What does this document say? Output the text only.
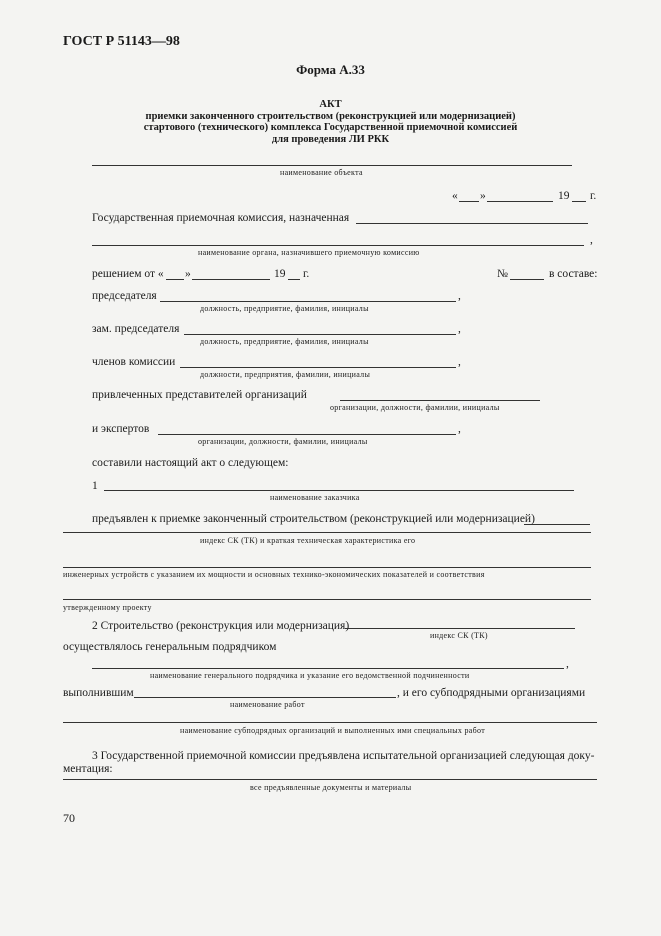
ГОСТ Р 51143—98
Форма А.33
АКТ
приемки законченного строительством (реконструкцией или модернизацией)
стартового (технического) комплекса Государственной приемочной комиссией
для проведения ЛИ РКК
наименование объекта
« »	19 г.
Государственная приемочная комиссия, назначенная
,
наименование органа, назначившего приемочную комиссию
решением от « »	19 г.	№	в составе:
председателя	,
должность, предприятие, фамилия, инициалы
зам. председателя	,
должность, предприятие, фамилия, инициалы
членов комиссии	,
должности, предприятия, фамилии, инициалы
привлеченных представителей организаций
организации, должности, фамилии, инициалы
и экспертов	,
организации, должности, фамилии, инициалы
составили настоящий акт о следующем:
1
наименование заказчика
предъявлен к приемке законченный строительством (реконструкцией или модернизацией)
индекс СК (ТК) и краткая техническая характеристика его
инженерных устройств с указанием их мощности и основных технико-экономических показателей и соответствия
утвержденному проекту
2 Строительство (реконструкция или модернизация)
индекс СК (ТК)
осуществлялось генеральным подрядчиком
,
наименование генерального подрядчика и указание его ведомственной подчиненности
выполнившим	, и его субподрядными организациями
наименование работ
наименование субподрядных организаций и выполненных ими специальных работ
3 Государственной приемочной комиссии предъявлена испытательной организацией следующая доку-
ментация:
все предъявленные документы и материалы
70
